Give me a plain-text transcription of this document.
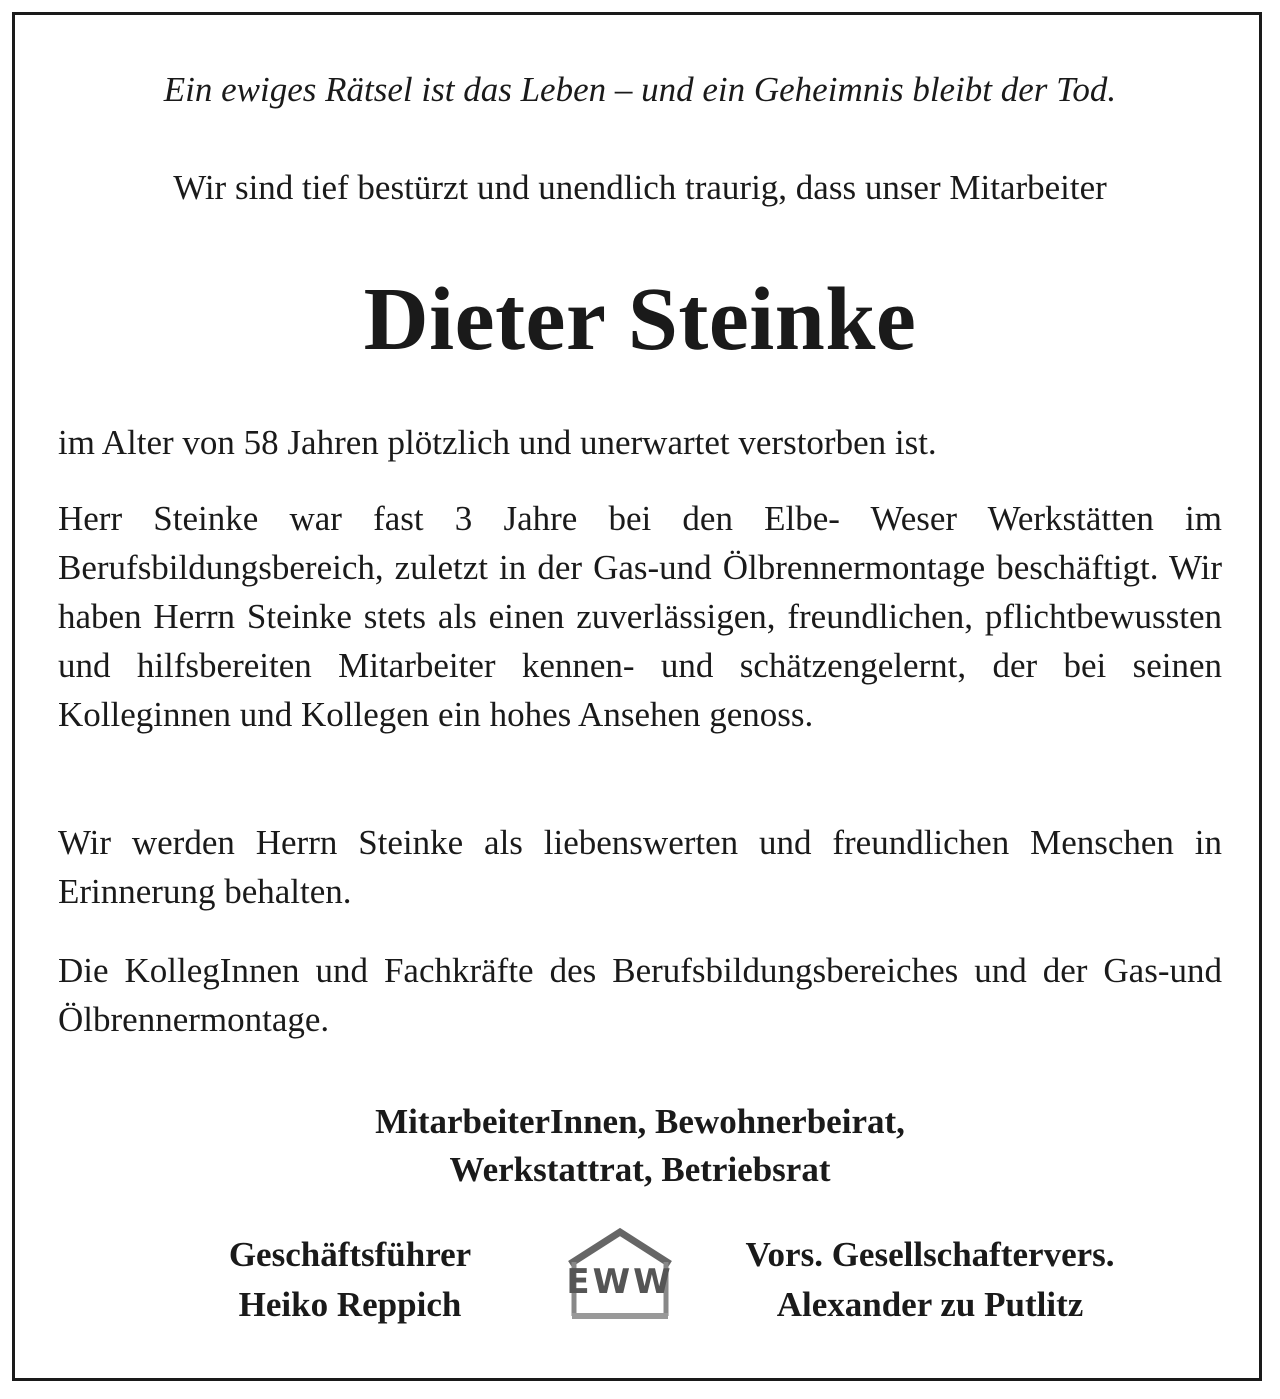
Ein ewiges Rätsel ist das Leben – und ein Geheimnis bleibt der Tod.
Wir sind tief bestürzt und unendlich traurig, dass unser Mitarbeiter
Dieter Steinke
im Alter von 58 Jahren plötzlich und unerwartet verstorben ist.
Herr Steinke war fast 3 Jahre bei den Elbe- Weser Werkstätten im Berufsbildungsbereich, zuletzt in der Gas-und Ölbrennermontage beschäftigt. Wir haben Herrn Steinke stets als einen zuverlässigen, freundlichen, pflichtbewussten und hilfsbereiten Mitarbeiter kennen- und schätzengelernt, der bei seinen Kolleginnen und Kollegen ein hohes Ansehen genoss.
Wir werden Herrn Steinke als liebenswerten und freundlichen Menschen in Erinnerung behalten.
Die KollegInnen und Fachkräfte des Berufsbildungsbereiches und der Gas-und Ölbrennermontage.
MitarbeiterInnen, Bewohnerbeirat,
Werkstattrat, Betriebsrat
Geschäftsführer
Heiko Reppich
EWW
Vors. Gesellschaftervers.
Alexander zu Putlitz
